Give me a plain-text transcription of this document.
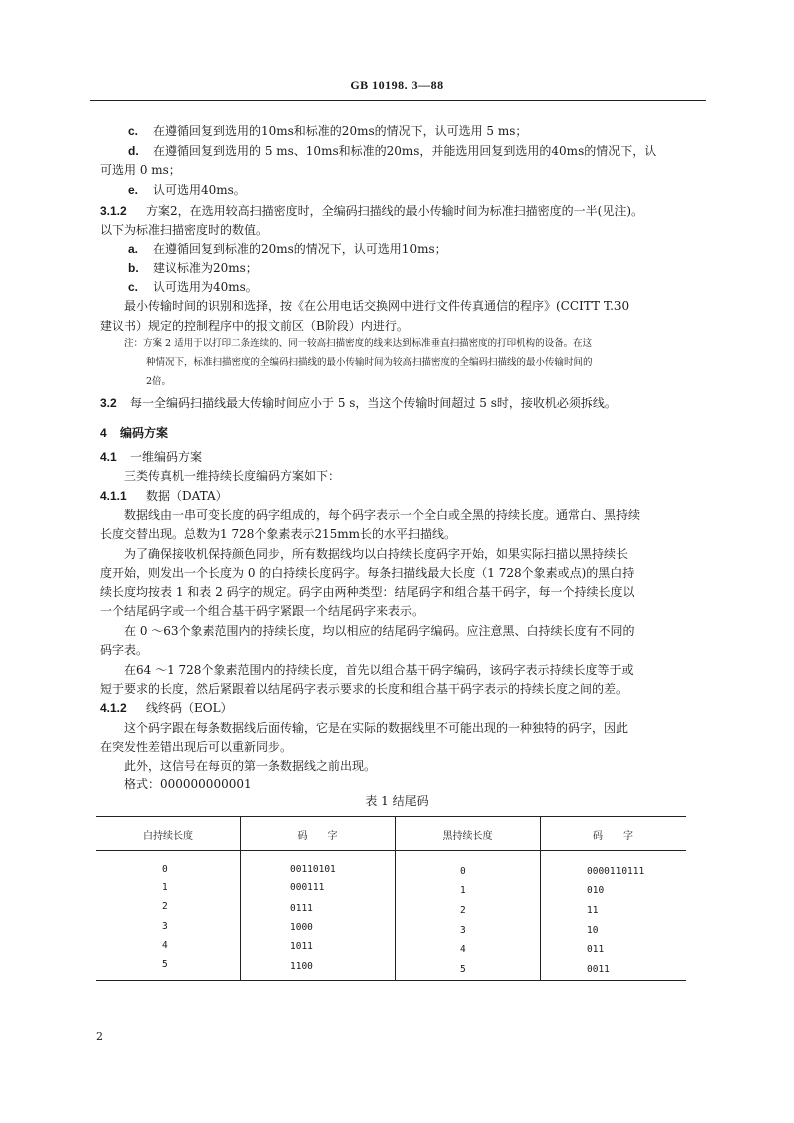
GB 10198. 3—88
c. 在遵循回复到选用的10ms和标准的20ms的情况下，认可选用 5 ms；
d. 在遵循回复到选用的 5 ms、10ms和标准的20ms，并能选用回复到选用的40ms的情况下，认
可选用 0 ms；
e. 认可选用40ms。
3.1.2 方案2，在选用较高扫描密度时，全编码扫描线的最小传输时间为标准扫描密度的一半(见注)。
以下为标准扫描密度时的数值。
a. 在遵循回复到标准的20ms的情况下，认可选用10ms；
b. 建议标准为20ms；
c. 认可选用为40ms。
最小传输时间的识别和选择，按《在公用电话交换网中进行文件传真通信的程序》(CCITT T.30
建议书）规定的控制程序中的报文前区（B阶段）内进行。
注：方案 2 适用于以打印二条连续的、同一较高扫描密度的线来达到标准垂直扫描密度的打印机构的设备。在这
种情况下，标准扫描密度的全编码扫描线的最小传输时间为较高扫描密度的全编码扫描线的最小传输时间的
2倍。
3.2 每一全编码扫描线最大传输时间应小于 5 s，当这个传输时间超过 5 s时，接收机必须拆线。
4 编码方案
4.1 一维编码方案
三类传真机一维持续长度编码方案如下：
4.1.1 数据（DATA）
数据线由一串可变长度的码字组成的，每个码字表示一个全白或全黑的持续长度。通常白、黑持续
长度交替出现。总数为1 728个象素表示215mm长的水平扫描线。
为了确保接收机保持颜色同步，所有数据线均以白持续长度码字开始，如果实际扫描以黑持续长
度开始，则发出一个长度为 0 的白持续长度码字。每条扫描线最大长度（1 728个象素或点)的黑白持
续长度均按表 1 和表 2 码字的规定。码字由两种类型：结尾码字和组合基干码字，每一个持续长度以
一个结尾码字或一个组合基干码字紧跟一个结尾码字来表示。
在 0 ～63个象素范围内的持续长度，均以相应的结尾码字编码。应注意黑、白持续长度有不同的
码字表。
在64 ～1 728个象素范围内的持续长度，首先以组合基干码字编码，该码字表示持续长度等于或
短于要求的长度，然后紧跟着以结尾码字表示要求的长度和组合基干码字表示的持续长度之间的差。
4.1.2 线终码（EOL）
这个码字跟在每条数据线后面传输，它是在实际的数据线里不可能出现的一种独特的码字，因此
在突发性差错出现后可以重新同步。
此外，这信号在每页的第一条数据线之前出现。
格式：000000000001
表 1 结尾码
白持续长度	码　　字	黑持续长度	码　　字
0	00110101	0	0000110111
1	000111	1	010
2	0111	2	11
3	1000	3	10
4	1011	4	011
5	1100	5	0011
2
